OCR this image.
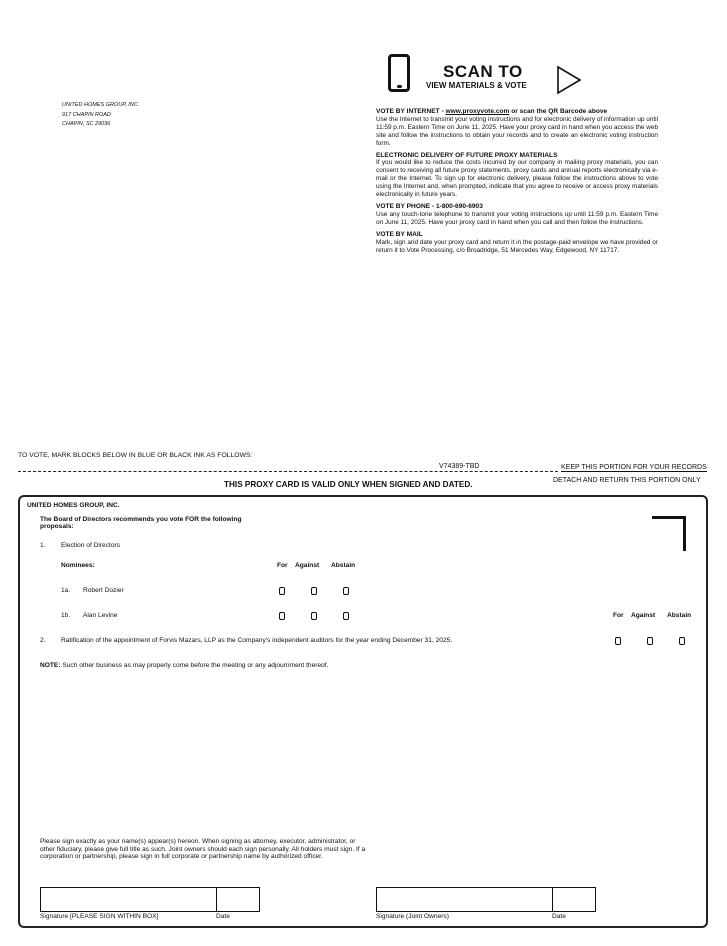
UNITED HOMES GROUP, INC.
917 CHAPIN ROAD
CHAPIN, SC 29036
SCAN TO
VIEW MATERIALS & VOTE
VOTE BY INTERNET - www.proxyvote.com or scan the QR Barcode above

Use the Internet to transmit your voting instructions and for electronic delivery of information up until 11:59 p.m. Eastern Time on June 11, 2025. Have your proxy card in hand when you access the web site and follow the instructions to obtain your records and to create an electronic voting instruction form.

ELECTRONIC DELIVERY OF FUTURE PROXY MATERIALS

If you would like to reduce the costs incurred by our company in mailing proxy materials, you can consent to receiving all future proxy statements, proxy cards and annual reports electronically via e-mail or the Internet. To sign up for electronic delivery, please follow the instructions above to vote using the Internet and, when prompted, indicate that you agree to receive or access proxy materials electronically in future years.

VOTE BY PHONE - 1-800-690-6903

Use any touch-tone telephone to transmit your voting instructions up until 11:59 p.m. Eastern Time on June 11, 2025. Have your proxy card in hand when you call and then follow the instructions.

VOTE BY MAIL

Mark, sign and date your proxy card and return it in the postage-paid envelope we have provided or return it to Vote Processing, c/o Broadridge, 51 Mercedes Way, Edgewood, NY 11717.

TO VOTE, MARK BLOCKS BELOW IN BLUE OR BLACK INK AS FOLLOWS:
V74389-TBD	KEEP THIS PORTION FOR YOUR RECORDS
THIS PROXY CARD IS VALID ONLY WHEN SIGNED AND DATED.	DETACH AND RETURN THIS PORTION ONLY
UNITED HOMES GROUP, INC.
The Board of Directors recommends you vote FOR the following proposals:
1. Election of Directors
Nominees:	For Against Abstain
1a. Robert Dozier
1b. Alan Levine	For Against Abstain
2. Ratification of the appointment of Forvis Mazars, LLP as the Company's independent auditors for the year ending December 31, 2025.
NOTE: Such other business as may properly come before the meeting or any adjournment thereof.
Please sign exactly as your name(s) appear(s) hereon. When signing as attorney, executor, administrator, or other fiduciary, please give full title as such. Joint owners should each sign personally. All holders must sign. If a corporation or partnership, please sign in full corporate or partnership name by authorized officer.
Signature [PLEASE SIGN WITHIN BOX]	Date	Signature (Joint Owners)	Date
